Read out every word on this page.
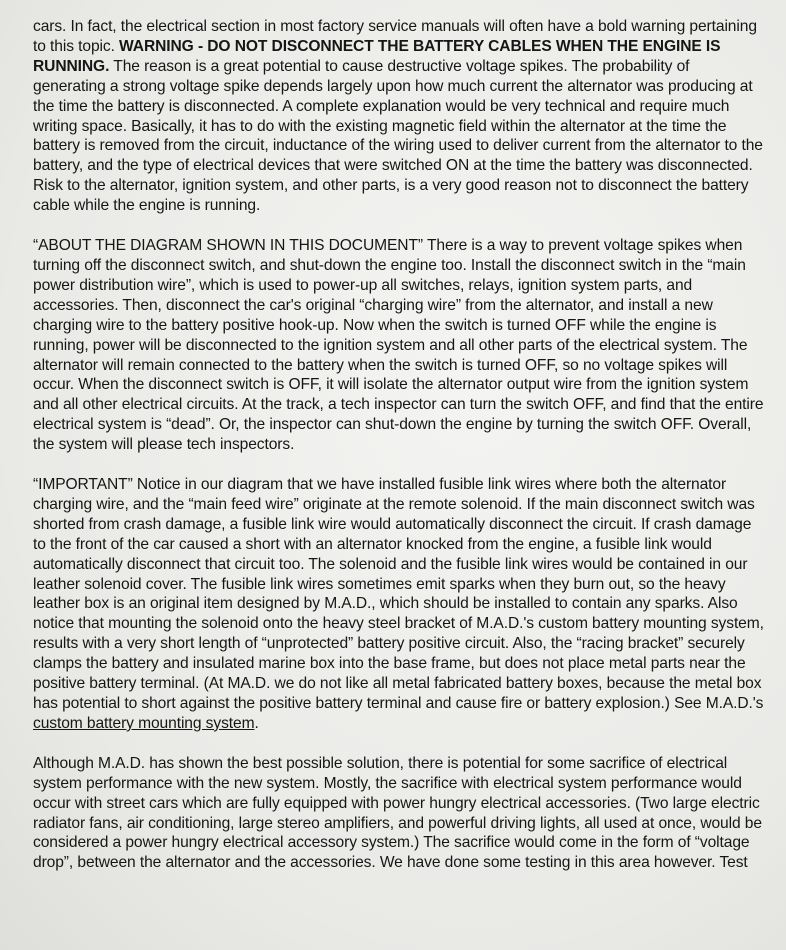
cars. In fact, the electrical section in most factory service manuals will often have a bold warning pertaining to this topic. WARNING - DO NOT DISCONNECT THE BATTERY CABLES WHEN THE ENGINE IS RUNNING. The reason is a great potential to cause destructive voltage spikes. The probability of generating a strong voltage spike depends largely upon how much current the alternator was producing at the time the battery is disconnected. A complete explanation would be very technical and require much writing space. Basically, it has to do with the existing magnetic field within the alternator at the time the battery is removed from the circuit, inductance of the wiring used to deliver current from the alternator to the battery, and the type of electrical devices that were switched ON at the time the battery was disconnected. Risk to the alternator, ignition system, and other parts, is a very good reason not to disconnect the battery cable while the engine is running.

“ABOUT THE DIAGRAM SHOWN IN THIS DOCUMENT” There is a way to prevent voltage spikes when turning off the disconnect switch, and shut-down the engine too. Install the disconnect switch in the “main power distribution wire”, which is used to power-up all switches, relays, ignition system parts, and accessories. Then, disconnect the car's original “charging wire” from the alternator, and install a new charging wire to the battery positive hook-up. Now when the switch is turned OFF while the engine is running, power will be disconnected to the ignition system and all other parts of the electrical system. The alternator will remain connected to the battery when the switch is turned OFF, so no voltage spikes will occur. When the disconnect switch is OFF, it will isolate the alternator output wire from the ignition system and all other electrical circuits. At the track, a tech inspector can turn the switch OFF, and find that the entire electrical system is “dead”. Or, the inspector can shut-down the engine by turning the switch OFF. Overall, the system will please tech inspectors.

“IMPORTANT” Notice in our diagram that we have installed fusible link wires where both the alternator charging wire, and the “main feed wire” originate at the remote solenoid. If the main disconnect switch was shorted from crash damage, a fusible link wire would automatically disconnect the circuit. If crash damage to the front of the car caused a short with an alternator knocked from the engine, a fusible link would automatically disconnect that circuit too. The solenoid and the fusible link wires would be contained in our leather solenoid cover. The fusible link wires sometimes emit sparks when they burn out, so the heavy leather box is an original item designed by M.A.D., which should be installed to contain any sparks. Also notice that mounting the solenoid onto the heavy steel bracket of M.A.D.'s custom battery mounting system, results with a very short length of “unprotected” battery positive circuit. Also, the “racing bracket” securely clamps the battery and insulated marine box into the base frame, but does not place metal parts near the positive battery terminal. (At MA.D. we do not like all metal fabricated battery boxes, because the metal box has potential to short against the positive battery terminal and cause fire or battery explosion.) See M.A.D.'s custom battery mounting system.

Although M.A.D. has shown the best possible solution, there is potential for some sacrifice of electrical system performance with the new system. Mostly, the sacrifice with electrical system performance would occur with street cars which are fully equipped with power hungry electrical accessories. (Two large electric radiator fans, air conditioning, large stereo amplifiers, and powerful driving lights, all used at once, would be considered a power hungry electrical accessory system.) The sacrifice would come in the form of “voltage drop”, between the alternator and the accessories. We have done some testing in this area however. Test
